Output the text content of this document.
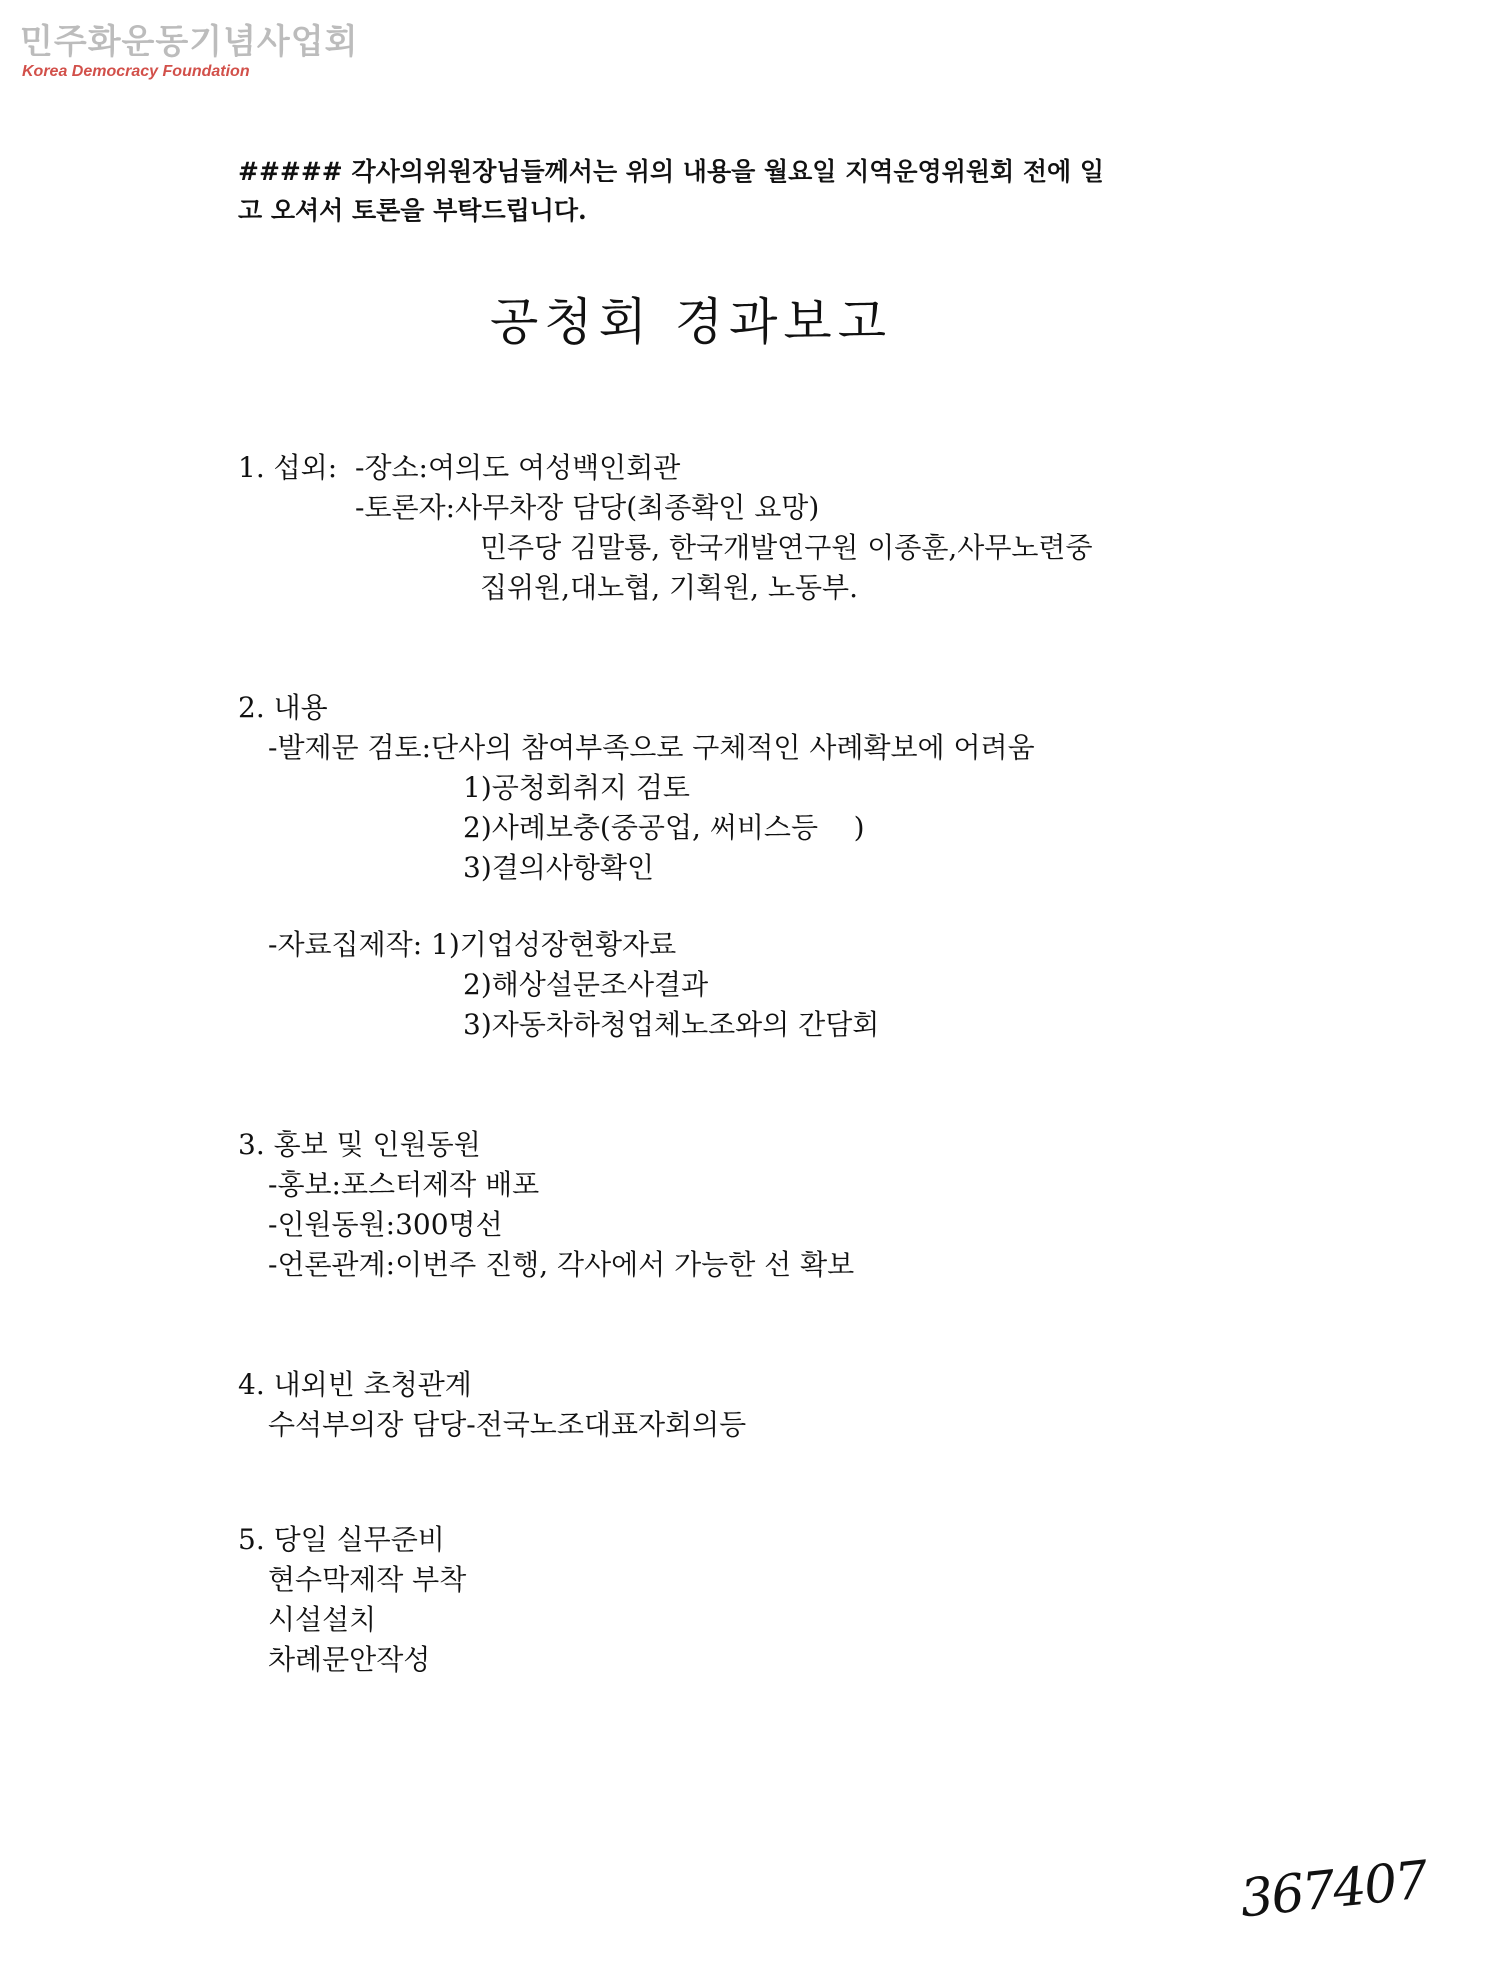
민주화운동기념사업회
Korea Democracy Foundation

##### 각사의위원장님들께서는 위의 내용을 월요일 지역운영위원회 전에 일

고 오셔서 토론을 부탁드립니다.

공청회 경과보고
1. 섭외: -장소:여의도 여성백인회관
-토론자:사무차장 담당(최종확인 요망)
민주당 김말룡, 한국개발연구원 이종훈,사무노련중
집위원,대노협, 기획원, 노동부.
2. 내용
-발제문 검토:단사의 참여부족으로 구체적인 사례확보에 어려움
1)공청회취지 검토
2)사례보충(중공업, 써비스등    )
3)결의사항확인
-자료집제작: 1)기업성장현황자료
2)해상설문조사결과
3)자동차하청업체노조와의 간담회
3. 홍보 및 인원동원
-홍보:포스터제작 배포
-인원동원:300명선
-언론관계:이번주 진행, 각사에서 가능한 선 확보
4. 내외빈 초청관계
수석부의장 담당-전국노조대표자회의등
5. 당일 실무준비
현수막제작 부착
시설설치
차례문안작성
367407
